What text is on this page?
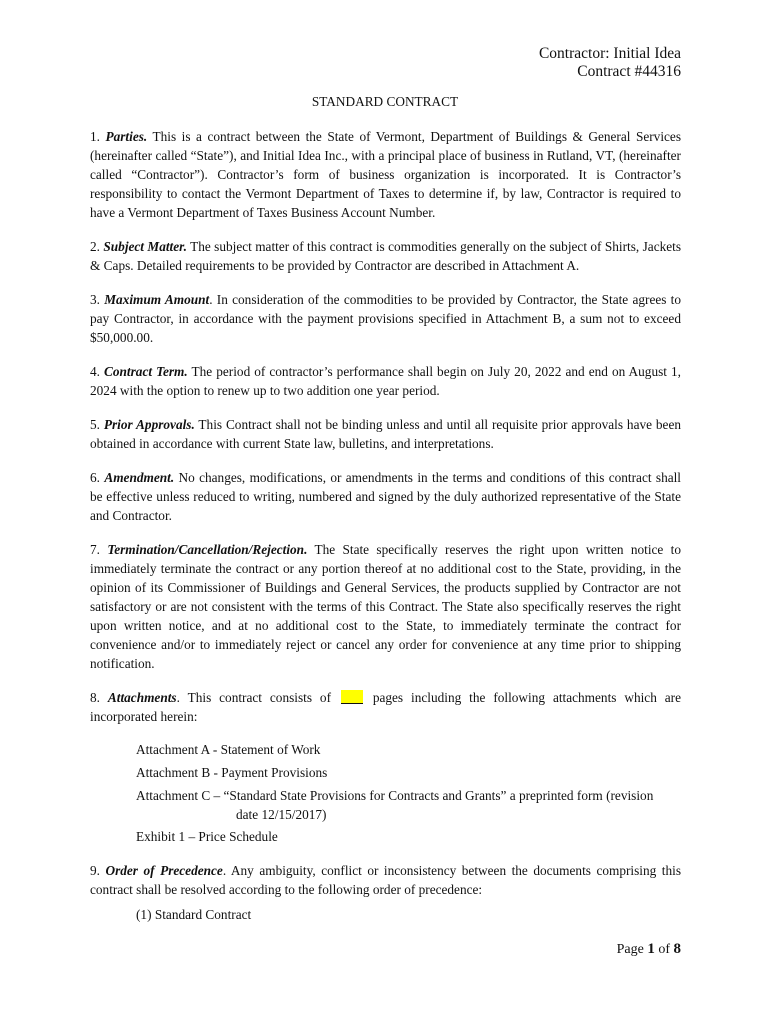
Contractor: Initial Idea
Contract #44316
STANDARD CONTRACT
1. Parties. This is a contract between the State of Vermont, Department of Buildings & General Services (hereinafter called “State”), and Initial Idea Inc., with a principal place of business in Rutland, VT, (hereinafter called “Contractor”). Contractor’s form of business organization is incorporated. It is Contractor’s responsibility to contact the Vermont Department of Taxes to determine if, by law, Contractor is required to have a Vermont Department of Taxes Business Account Number.
2. Subject Matter. The subject matter of this contract is commodities generally on the subject of Shirts, Jackets & Caps. Detailed requirements to be provided by Contractor are described in Attachment A.
3. Maximum Amount. In consideration of the commodities to be provided by Contractor, the State agrees to pay Contractor, in accordance with the payment provisions specified in Attachment B, a sum not to exceed $50,000.00.
4. Contract Term. The period of contractor’s performance shall begin on July 20, 2022 and end on August 1, 2024 with the option to renew up to two addition one year period.
5. Prior Approvals. This Contract shall not be binding unless and until all requisite prior approvals have been obtained in accordance with current State law, bulletins, and interpretations.
6. Amendment. No changes, modifications, or amendments in the terms and conditions of this contract shall be effective unless reduced to writing, numbered and signed by the duly authorized representative of the State and Contractor.
7. Termination/Cancellation/Rejection. The State specifically reserves the right upon written notice to immediately terminate the contract or any portion thereof at no additional cost to the State, providing, in the opinion of its Commissioner of Buildings and General Services, the products supplied by Contractor are not satisfactory or are not consistent with the terms of this Contract. The State also specifically reserves the right upon written notice, and at no additional cost to the State, to immediately terminate the contract for convenience and/or to immediately reject or cancel any order for convenience at any time prior to shipping notification.
8. Attachments. This contract consists of	pages including the following attachments which are incorporated herein:
Attachment A - Statement of Work
Attachment B - Payment Provisions
Attachment C – “Standard State Provisions for Contracts and Grants” a preprinted form (revision
date 12/15/2017)
Exhibit 1 – Price Schedule
9. Order of Precedence. Any ambiguity, conflict or inconsistency between the documents comprising this contract shall be resolved according to the following order of precedence:
(1) Standard Contract
Page 1 of 8
